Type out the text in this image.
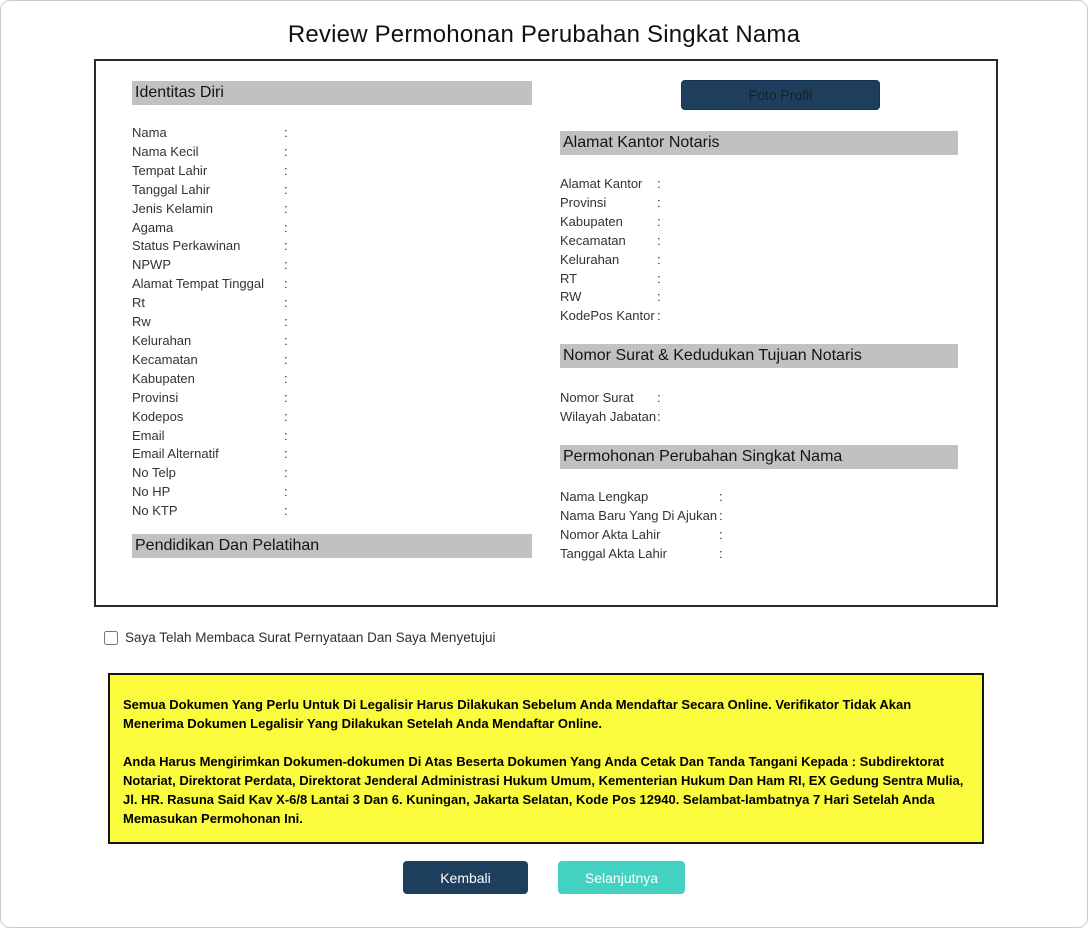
Review Permohonan Perubahan Singkat Nama
Identitas Diri
Nama	:
Nama Kecil	:
Tempat Lahir	:
Tanggal Lahir	:
Jenis Kelamin	:
Agama	:
Status Perkawinan	:
NPWP	:
Alamat Tempat Tinggal	:
Rt	:
Rw	:
Kelurahan	:
Kecamatan	:
Kabupaten	:
Provinsi	:
Kodepos	:
Email	:
Email Alternatif	:
No Telp	:
No HP	:
No KTP	:
Pendidikan Dan Pelatihan
Foto Profil
Alamat Kantor Notaris
Alamat Kantor	:
Provinsi	:
Kabupaten	:
Kecamatan	:
Kelurahan	:
RT	:
RW	:
KodePos Kantor :
Nomor Surat & Kedudukan Tujuan Notaris
Nomor Surat	:
Wilayah Jabatan :
Permohonan Perubahan Singkat Nama
Nama Lengkap	:
Nama Baru Yang Di Ajukan :
Nomor Akta Lahir	:
Tanggal Akta Lahir	:
Saya Telah Membaca Surat Pernyataan Dan Saya Menyetujui

Semua Dokumen Yang Perlu Untuk Di Legalisir Harus Dilakukan Sebelum Anda Mendaftar Secara Online. Verifikator Tidak Akan Menerima Dokumen Legalisir Yang Dilakukan Setelah Anda Mendaftar Online.

Anda Harus Mengirimkan Dokumen-dokumen Di Atas Beserta Dokumen Yang Anda Cetak Dan Tanda Tangani Kepada : Subdirektorat Notariat, Direktorat Perdata, Direktorat Jenderal Administrasi Hukum Umum, Kementerian Hukum Dan Ham RI, EX Gedung Sentra Mulia, Jl. HR. Rasuna Said Kav X-6/8 Lantai 3 Dan 6. Kuningan, Jakarta Selatan, Kode Pos 12940. Selambat-lambatnya 7 Hari Setelah Anda Memasukan Permohonan Ini.

Kembali	Selanjutnya
